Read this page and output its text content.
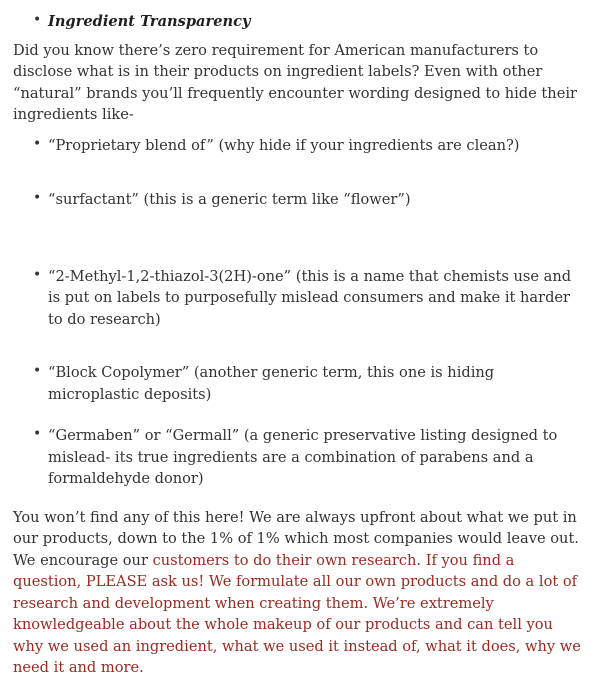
• Ingredient Transparency

Did you know there’s zero requirement for American manufacturers to disclose what is in their products on ingredient labels? Even with other “natural” brands you’ll frequently encounter wording designed to hide their ingredients like-

• “Proprietary blend of” (why hide if your ingredients are clean?)
• “surfactant” (this is a generic term like “flower”)
• “2-Methyl-1,2-thiazol-3(2H)-one” (this is a name that chemists use and is put on labels to purposefully mislead consumers and make it harder to do research)
• “Block Copolymer” (another generic term, this one is hiding microplastic deposits)
• “Germaben” or “Germall” (a generic preservative listing designed to mislead- its true ingredients are a combination of parabens and a formaldehyde donor)

You won’t find any of this here! We are always upfront about what we put in our products, down to the 1% of 1% which most companies would leave out. We encourage our customers to do their own research. If you find a question, PLEASE ask us! We formulate all our own products and do a lot of research and development when creating them. We’re extremely knowledgeable about the whole makeup of our products and can tell you why we used an ingredient, what we used it instead of, what it does, why we need it and more.
